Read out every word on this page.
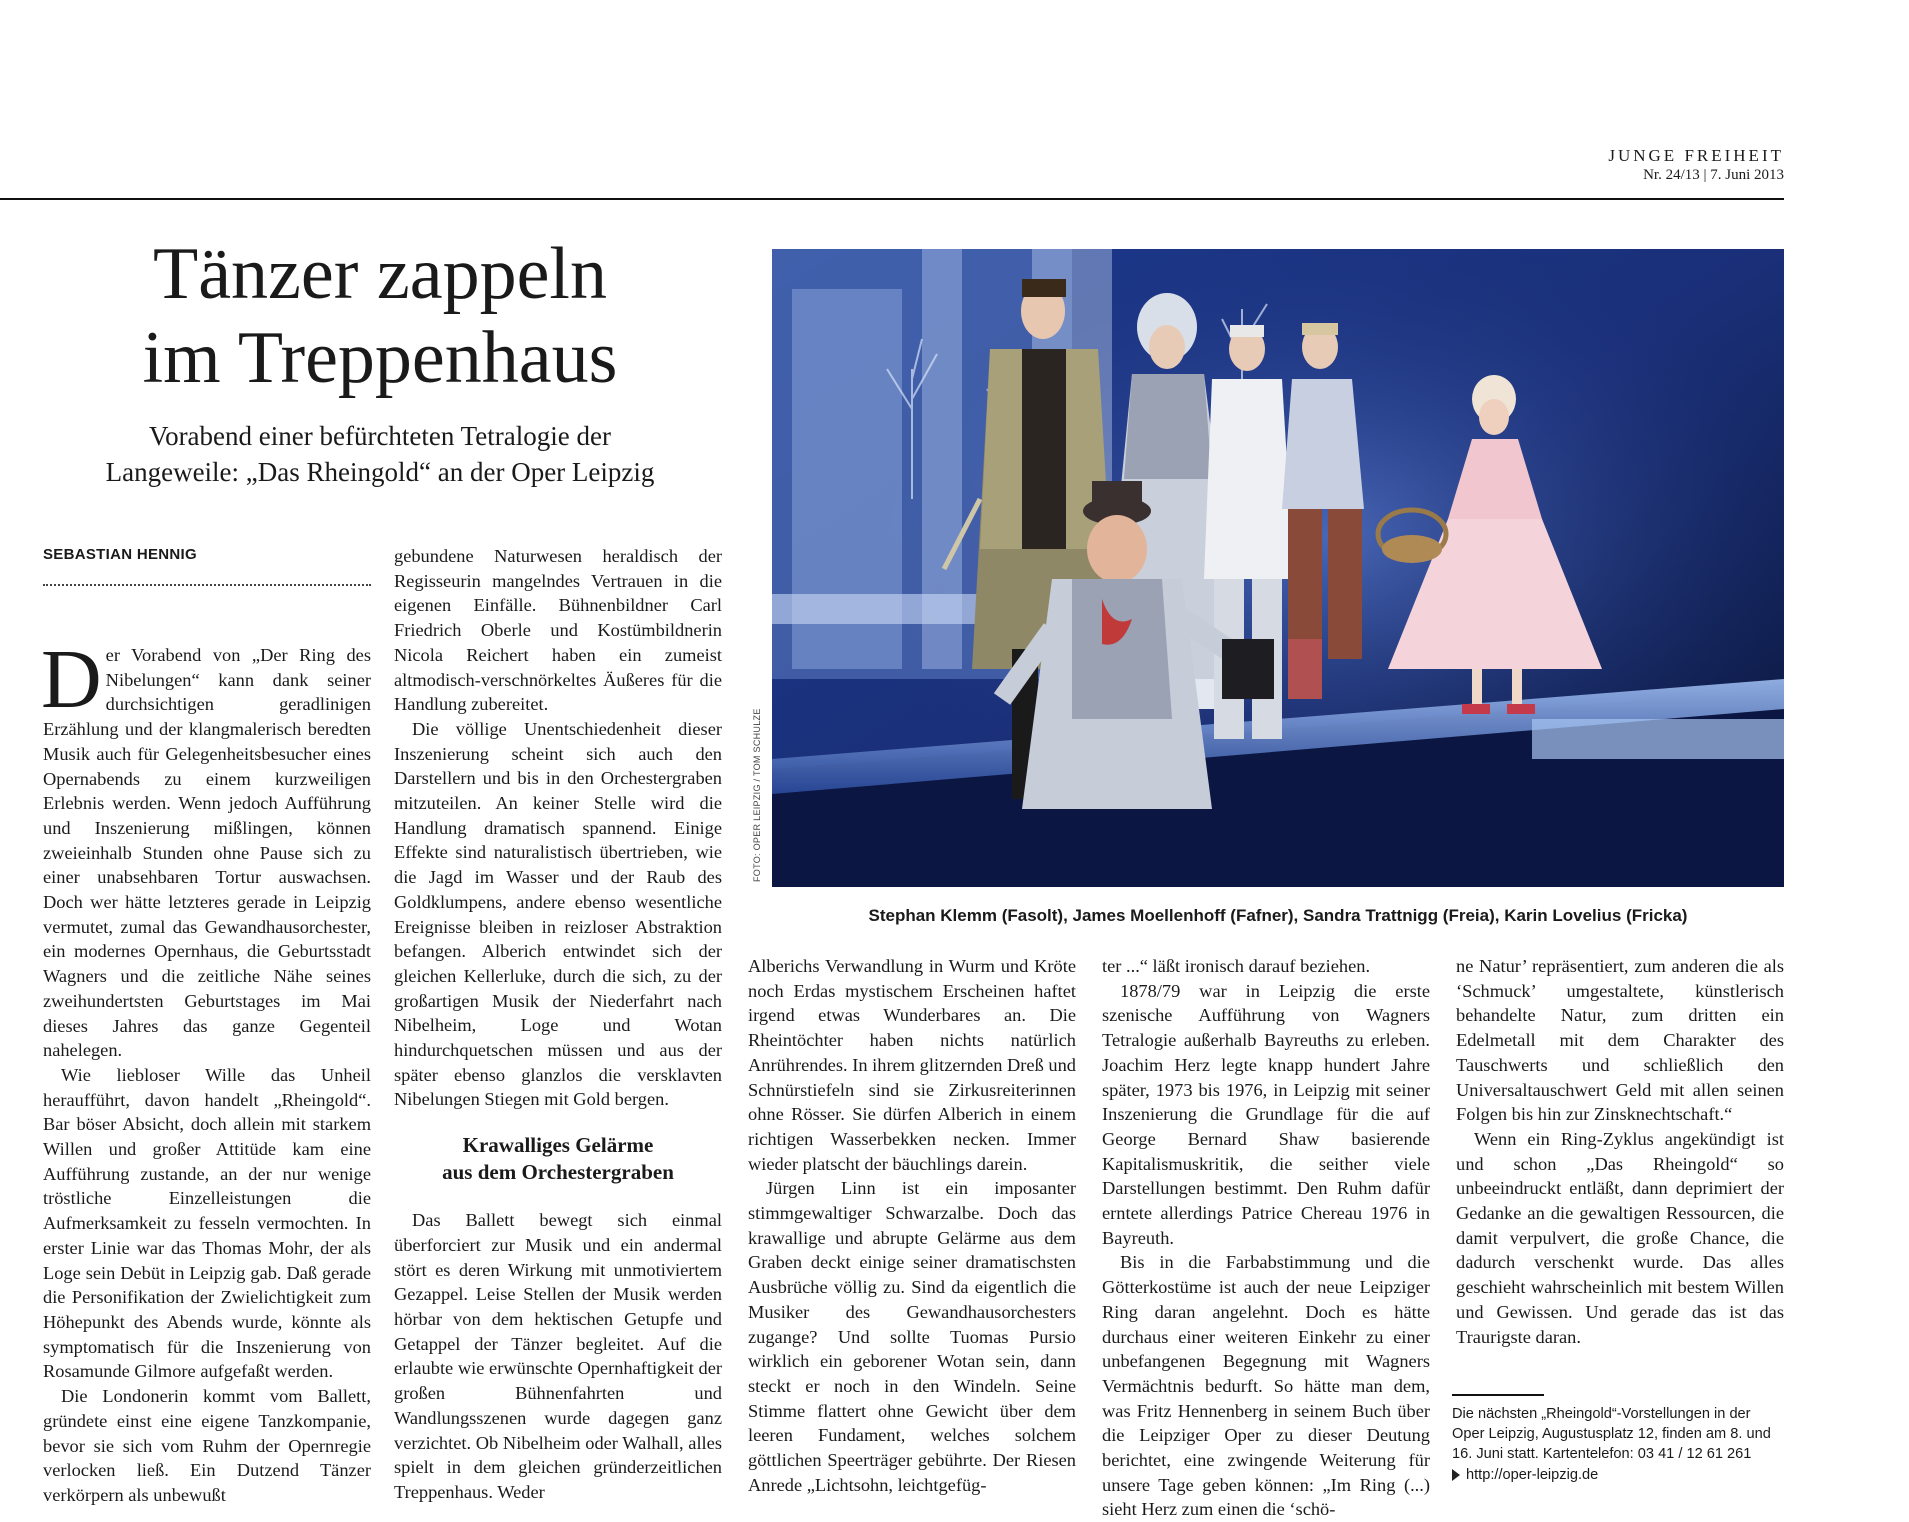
JUNGE FREIHEIT
Nr. 24/13 | 7. Juni 2013
Tänzer zappeln
im Treppenhaus
Vorabend einer befürchteten Tetralogie der
Langeweile: „Das Rheingold“ an der Oper Leipzig
SEBASTIAN HENNIG

Der Vorabend von „Der Ring des Nibelungen“ kann dank seiner durchsichtigen geradlinigen Erzählung und der klangmalerisch beredten Musik auch für Gelegenheitsbesucher eines Opernabends zu einem kurzweiligen Erlebnis werden. Wenn jedoch Aufführung und Inszenierung mißlingen, können zweieinhalb Stunden ohne Pause sich zu einer unabsehbaren Tortur auswachsen. Doch wer hätte letzteres gerade in Leipzig vermutet, zumal das Gewandhausorchester, ein modernes Opernhaus, die Geburtsstadt Wagners und die zeitliche Nähe seines zweihundertsten Geburtstages im Mai dieses Jahres das ganze Gegenteil nahelegen.

Wie liebloser Wille das Unheil heraufführt, davon handelt „Rheingold“. Bar böser Absicht, doch allein mit starkem Willen und großer Attitüde kam eine Aufführung zustande, an der nur wenige tröstliche Einzelleistungen die Aufmerksamkeit zu fesseln vermochten. In erster Linie war das Thomas Mohr, der als Loge sein Debüt in Leipzig gab. Daß gerade die Personifikation der Zwielichtigkeit zum Höhepunkt des Abends wurde, könnte als symptomatisch für die Inszenierung von Rosamunde Gilmore aufgefaßt werden.

Die Londonerin kommt vom Ballett, gründete einst eine eigene Tanzkompanie, bevor sie sich vom Ruhm der Opernregie verlocken ließ. Ein Dutzend Tänzer verkörpern als unbewußt

gebundene Naturwesen heraldisch der Regisseurin mangelndes Vertrauen in die eigenen Einfälle. Bühnenbildner Carl Friedrich Oberle und Kostümbildnerin Nicola Reichert haben ein zumeist altmodisch-verschnörkeltes Äußeres für die Handlung zubereitet.

Die völlige Unentschiedenheit dieser Inszenierung scheint sich auch den Darstellern und bis in den Orchestergraben mitzuteilen. An keiner Stelle wird die Handlung dramatisch spannend. Einige Effekte sind naturalistisch übertrieben, wie die Jagd im Wasser und der Raub des Goldklumpens, andere ebenso wesentliche Ereignisse bleiben in reizloser Abstraktion befangen. Alberich entwindet sich der gleichen Kellerluke, durch die sich, zu der großartigen Musik der Niederfahrt nach Nibelheim, Loge und Wotan hindurchquetschen müssen und aus der später ebenso glanzlos die versklavten Nibelungen Stiegen mit Gold bergen.

Krawalliges Gelärme
aus dem Orchestergraben

Das Ballett bewegt sich einmal überforciert zur Musik und ein andermal stört es deren Wirkung mit unmotiviertem Gezappel. Leise Stellen der Musik werden hörbar von dem hektischen Getupfe und Getappel der Tänzer begleitet. Auf die erlaubte wie erwünschte Opernhaftigkeit der großen Bühnenfahrten und Wandlungsszenen wurde dagegen ganz verzichtet. Ob Nibelheim oder Walhall, alles spielt in dem gleichen gründerzeitlichen Treppenhaus. Weder

FOTO: OPER LEIPZIG / TOM SCHULZE
Stephan Klemm (Fasolt), James Moellenhoff (Fafner), Sandra Trattnigg (Freia), Karin Lovelius (Fricka)

Alberichs Verwandlung in Wurm und Kröte noch Erdas mystischem Erscheinen haftet irgend etwas Wunderbares an. Die Rheintöchter haben nichts natürlich Anrührendes. In ihrem glitzernden Dreß und Schnürstiefeln sind sie Zirkusreiterinnen ohne Rösser. Sie dürfen Alberich in einem richtigen Wasserbekken necken. Immer wieder platscht der bäuchlings darein.

Jürgen Linn ist ein imposanter stimmgewaltiger Schwarzalbe. Doch das krawallige und abrupte Gelärme aus dem Graben deckt einige seiner dramatischsten Ausbrüche völlig zu. Sind da eigentlich die Musiker des Gewandhausorchesters zugange? Und sollte Tuomas Pursio wirklich ein geborener Wotan sein, dann steckt er noch in den Windeln. Seine Stimme flattert ohne Gewicht über dem leeren Fundament, welches solchem göttlichen Speerträger gebührte. Der Riesen Anrede „Lichtsohn, leichtgefüg-

ter ...“ läßt ironisch darauf beziehen.

1878/79 war in Leipzig die erste szenische Aufführung von Wagners Tetralogie außerhalb Bayreuths zu erleben. Joachim Herz legte knapp hundert Jahre später, 1973 bis 1976, in Leipzig mit seiner Inszenierung die Grundlage für die auf George Bernard Shaw basierende Kapitalismuskritik, die seither viele Darstellungen bestimmt. Den Ruhm dafür erntete allerdings Patrice Chereau 1976 in Bayreuth.

Bis in die Farbabstimmung und die Götterkostüme ist auch der neue Leipziger Ring daran angelehnt. Doch es hätte durchaus einer weiteren Einkehr zu einer unbefangenen Begegnung mit Wagners Vermächtnis bedurft. So hätte man dem, was Fritz Hennenberg in seinem Buch über die Leipziger Oper zu dieser Deutung berichtet, eine zwingende Weiterung für unsere Tage geben können: „Im Ring (...) sieht Herz zum einen die ‘schö-

ne Natur’ repräsentiert, zum anderen die als ‘Schmuck’ umgestaltete, künstlerisch behandelte Natur, zum dritten ein Edelmetall mit dem Charakter des Tauschwerts und schließlich den Universaltauschwert Geld mit allen seinen Folgen bis hin zur Zinsknechtschaft.“

Wenn ein Ring-Zyklus angekündigt ist und schon „Das Rheingold“ so unbeeindruckt entläßt, dann deprimiert der Gedanke an die gewaltigen Ressourcen, die damit verpulvert, die große Chance, die dadurch verschenkt wurde. Das alles geschieht wahrscheinlich mit bestem Willen und Gewissen. Und gerade das ist das Traurigste daran.

Die nächsten „Rheingold“-Vorstellungen in der Oper Leipzig, Augustusplatz 12, finden am 8. und 16. Juni statt. Kartentelefon: 03 41 / 12 61 261
http://oper-leipzig.de
